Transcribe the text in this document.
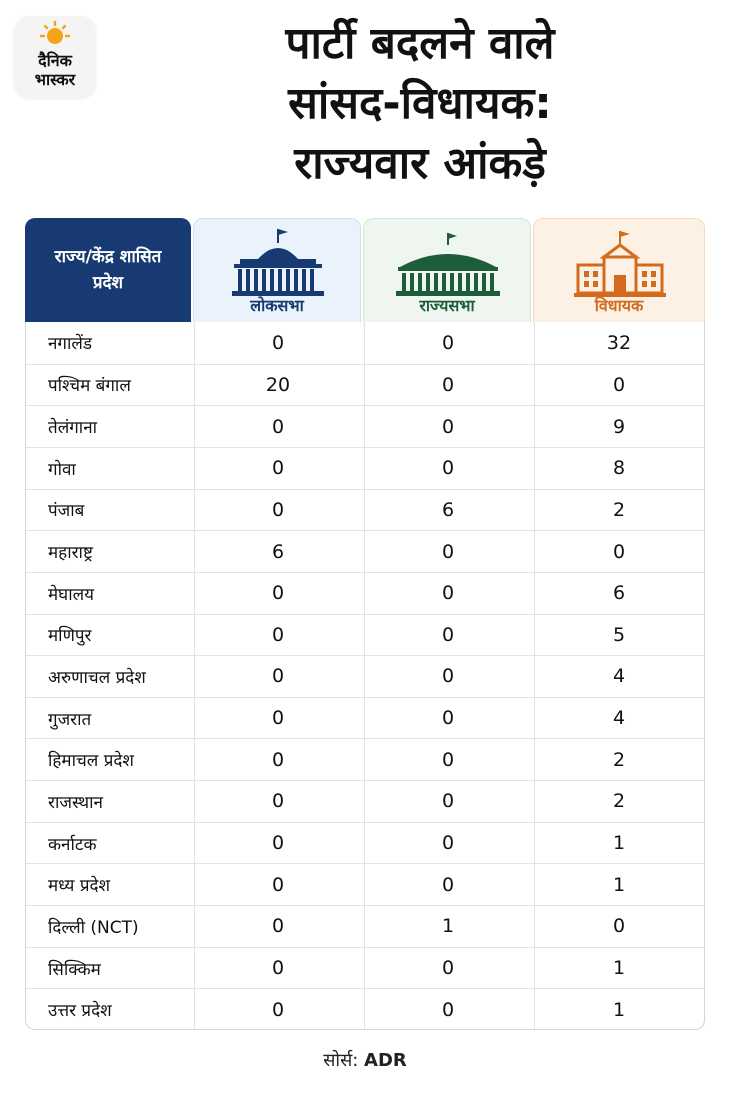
दैनिक
भास्कर
पार्टी बदलने वाले
सांसद-विधायक:
राज्यवार आंकड़े
राज्य/केंद्र शासित प्रदेश
लोकसभा	राज्यसभा	विधायक
नगालेंड	0	0	32
पश्चिम बंगाल	20	0	0
तेलंगाना	0	0	9
गोवा	0	0	8
पंजाब	0	6	2
महाराष्ट्र	6	0	0
मेघालय	0	0	6
मणिपुर	0	0	5
अरुणाचल प्रदेश	0	0	4
गुजरात	0	0	4
हिमाचल प्रदेश	0	0	2
राजस्थान	0	0	2
कर्नाटक	0	0	1
मध्य प्रदेश	0	0	1
दिल्ली (NCT)	0	1	0
सिक्किम	0	0	1
उत्तर प्रदेश	0	0	1
सोर्स: ADR
